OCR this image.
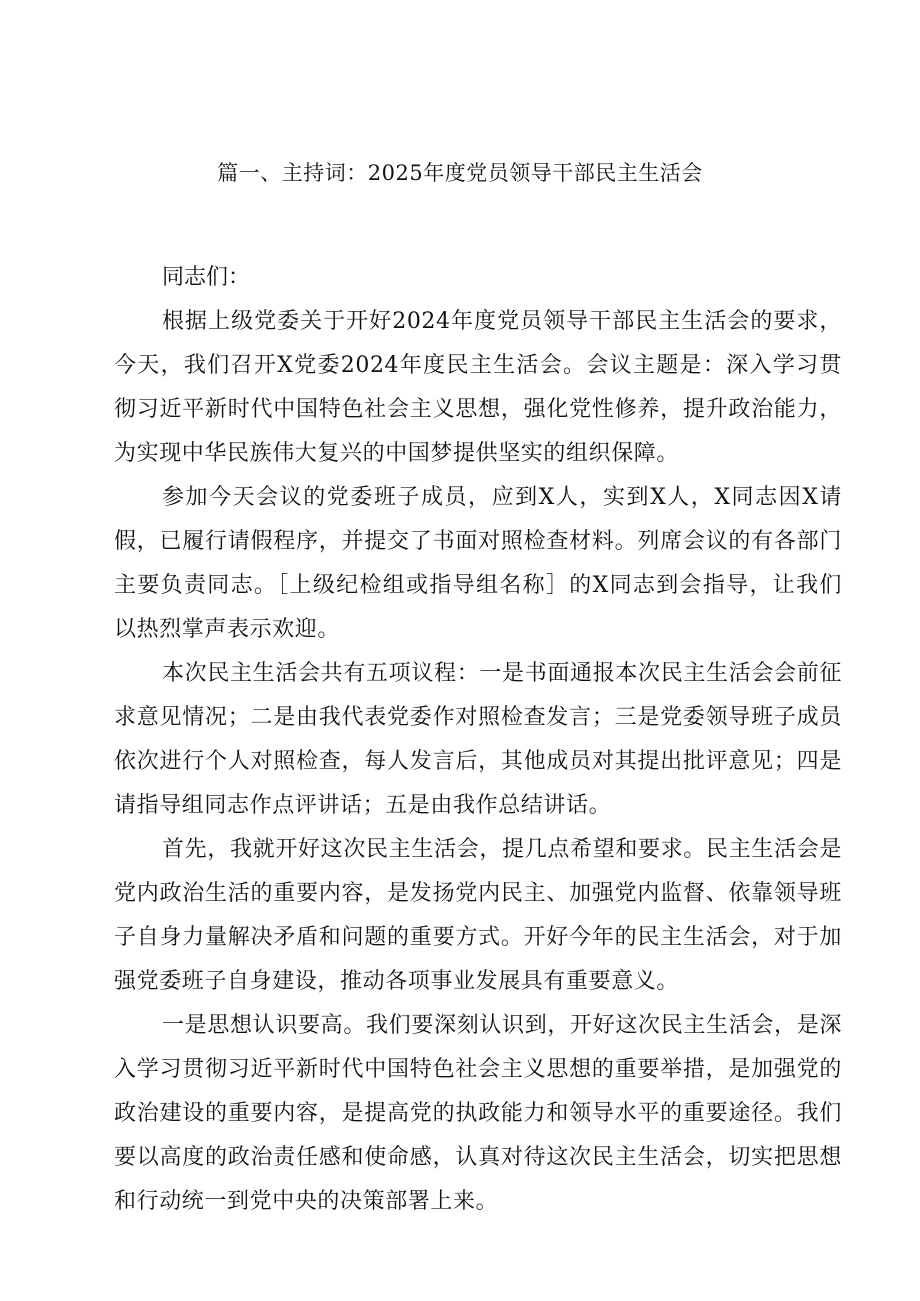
篇一、主持词：2025年度党员领导干部民主生活会

同志们：

根据上级党委关于开好2024年度党员领导干部民主生活会的要求，今天，我们召开X党委2024年度民主生活会。会议主题是：深入学习贯彻习近平新时代中国特色社会主义思想，强化党性修养，提升政治能力，为实现中华民族伟大复兴的中国梦提供坚实的组织保障。

参加今天会议的党委班子成员，应到X人，实到X人，X同志因X请假，已履行请假程序，并提交了书面对照检查材料。列席会议的有各部门主要负责同志。［上级纪检组或指导组名称］的X同志到会指导，让我们以热烈掌声表示欢迎。

本次民主生活会共有五项议程：一是书面通报本次民主生活会会前征求意见情况；二是由我代表党委作对照检查发言；三是党委领导班子成员依次进行个人对照检查，每人发言后，其他成员对其提出批评意见；四是请指导组同志作点评讲话；五是由我作总结讲话。

首先，我就开好这次民主生活会，提几点希望和要求。民主生活会是党内政治生活的重要内容，是发扬党内民主、加强党内监督、依靠领导班子自身力量解决矛盾和问题的重要方式。开好今年的民主生活会，对于加强党委班子自身建设，推动各项事业发展具有重要意义。

一是思想认识要高。我们要深刻认识到，开好这次民主生活会，是深入学习贯彻习近平新时代中国特色社会主义思想的重要举措，是加强党的政治建设的重要内容，是提高党的执政能力和领导水平的重要途径。我们要以高度的政治责任感和使命感，认真对待这次民主生活会，切实把思想和行动统一到党中央的决策部署上来。
